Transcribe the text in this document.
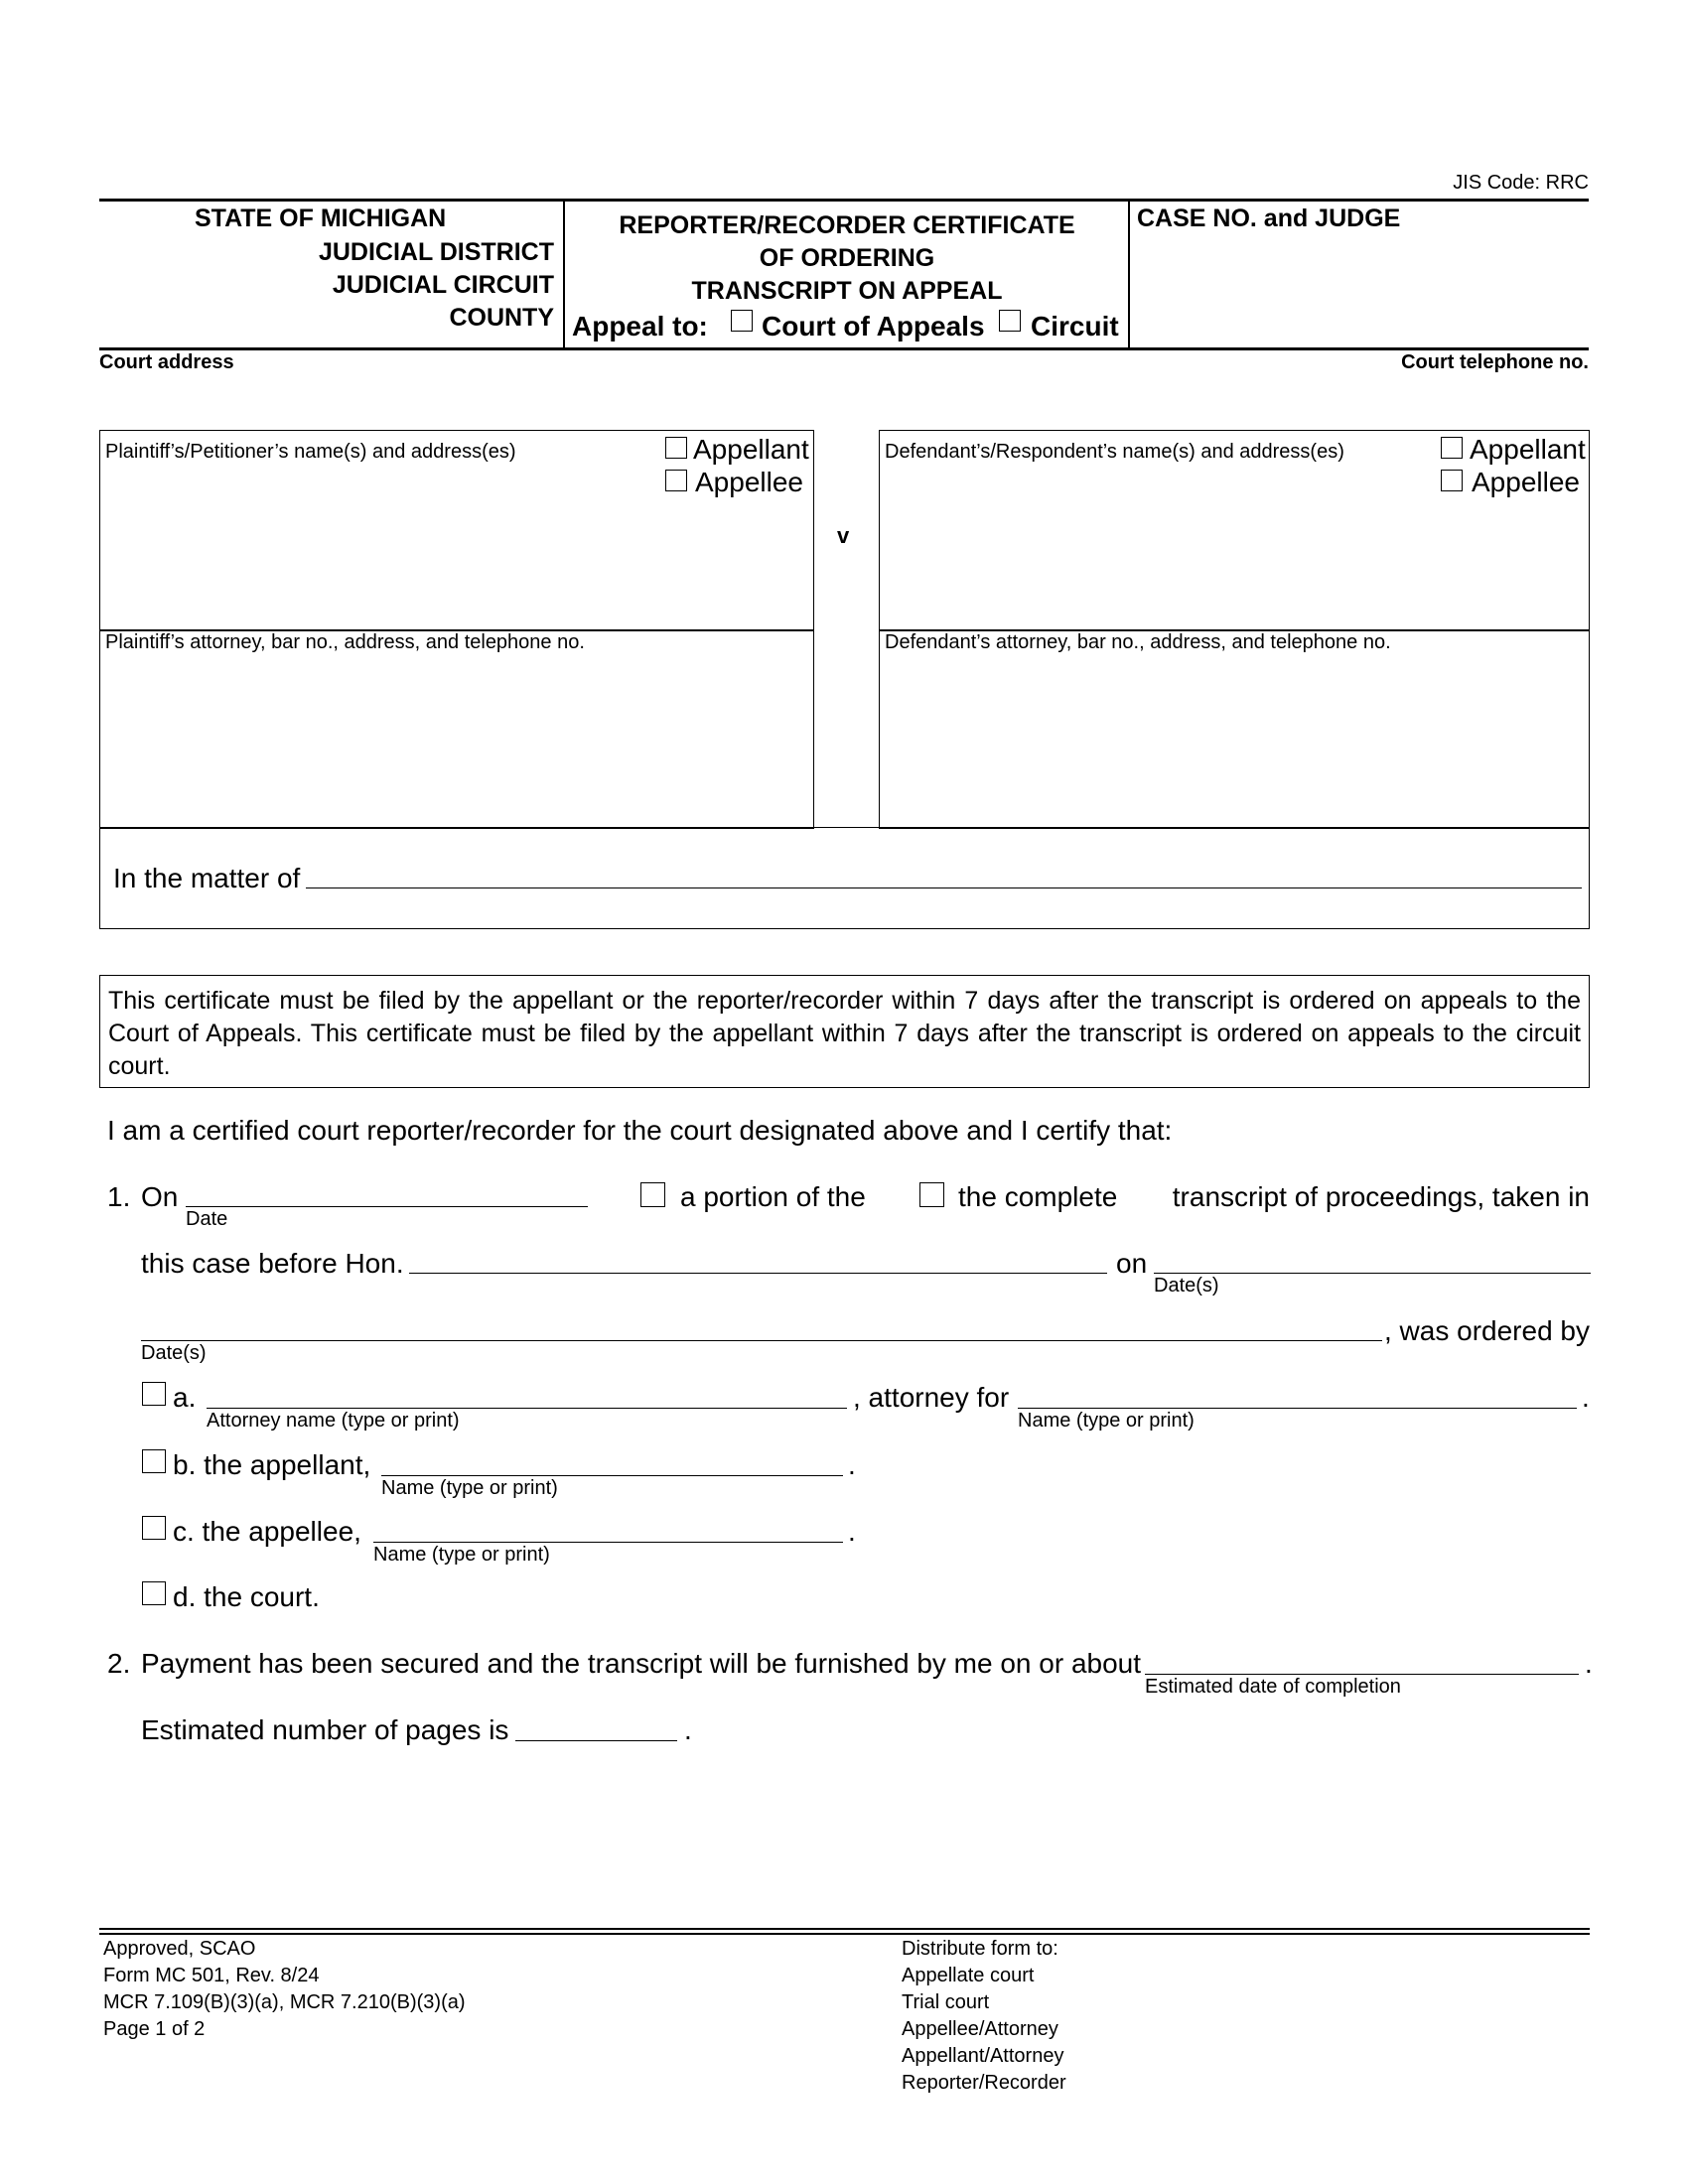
JIS Code: RRC
STATE OF MICHIGAN
JUDICIAL DISTRICT
JUDICIAL CIRCUIT
COUNTY
REPORTER/RECORDER CERTIFICATE
OF ORDERING
TRANSCRIPT ON APPEAL
Appeal to: Court of Appeals Circuit
CASE NO. and JUDGE
Court address	Court telephone no.
Plaintiff’s/Petitioner’s name(s) and address(es)	Appellant
Appellee
v
Defendant’s/Respondent’s name(s) and address(es)	Appellant
Appellee
Plaintiff’s attorney, bar no., address, and telephone no.	Defendant’s attorney, bar no., address, and telephone no.
In the matter of
This certificate must be filed by the appellant or the reporter/recorder within 7 days after the transcript is ordered on appeals to the Court of Appeals. This certificate must be filed by the appellant within 7 days after the transcript is ordered on appeals to the circuit court.
I am a certified court reporter/recorder for the court designated above and I certify that:
1. On
Date
a portion of the	the complete transcript of proceedings, taken in
this case before Hon.	on
Date(s)
Date(s)
, was ordered by
a.
Attorney name (type or print)
, attorney for
Name (type or print)
.
b. the appellant,
Name (type or print)
.
c. the appellee,
Name (type or print)
.
d. the court.
2. Payment has been secured and the transcript will be furnished by me on or about
Estimated date of completion
.
Estimated number of pages is	.
Approved, SCAO
Form MC 501, Rev. 8/24
MCR 7.109(B)(3)(a), MCR 7.210(B)(3)(a)
Page 1 of 2
Distribute form to:
Appellate court
Trial court
Appellee/Attorney
Appellant/Attorney
Reporter/Recorder
